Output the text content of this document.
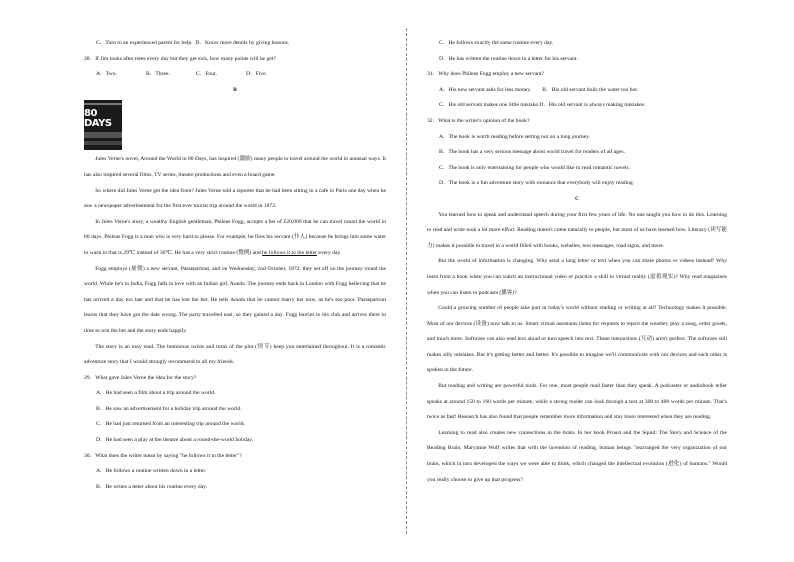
C．Turn to an experienced parent for help. D．Know more details by giving lessons.

28．If Jim looks after trees every day but they get sick, how many points will he get?

A．Two.	B．Three.	C．Four.	D．Five.

B

80 DAYS

Jules Verne's novel, Around the World in 80 Days, has inspired (激励) many people to travel around the world in unusual ways. It has also inspired several films, TV series, theatre productions and even a board game.

So where did Jules Verne get the idea from? Jules Verne told a reporter that he had been sitting in a cafe in Paris one day when he saw a newspaper advertisement for the first ever tourist trip around the world in 1872.

In Jules Verne's story, a wealthy English gentleman, Phileas Fogg, accepts a bet of £20,000 that he can travel round the world in 80 days. Phileas Fogg is a man who is very hard to please. For example, he fires his servant (仆人) because he brings him some water to wash in that is 29℃ instead of 30℃. He has a very strict routine (惯例) and he follows it to the letter every day.

Fogg employs (雇佣) a new servant, Passepartout, and on Wednesday, 2nd October, 1872, they set off on the journey round the world. While he's in India, Fogg falls in love with an Indian girl, Aouda. The journey ends back in London with Fogg believing that he has arrived a day too late and that he has lost the bet. He tells Aouda that he cannot marry her now, as he's too poor. Passepartout learns that they have got the date wrong. The party travelled east, so they gained a day. Fogg hurries to his club and arrives there in time to win the bet and the story ends happily.

The story is an easy read. The humorous twists and turns of the plot (情节) keep you entertained throughout. It is a romantic adventure story that I would strongly recommend to all my friends.

29．What gave Jules Verne the idea for the story?

A．He had seen a film about a trip around the world.

B．He saw an advertisement for a holiday trip around the world.

C．He had just returned from an interesting trip around the world.

D．He had seen a play at the theatre about a round-the-world holiday.

30．What does the writer mean by saying "he follows it to the letter"?

A．He follows a routine written down in a letter.

B．He writes a letter about his routine every day.

C．He follows exactly the same routine every day.

D．He has written the routine down in a letter for his servant.

31．Why does Phileas Fogg employ a new servant?

A．His new servant asks for less money.　　B．His old servant boils the water too hot.

C．His old servant makes one little mistake.D．His old servant is always making mistakes.

32．What is the writer's opinion of the book?

A．The book is worth reading before setting out on a long journey.

B．The book has a very serious message about world travel for readers of all ages.

C．The book is only entertaining for people who would like to read romantic novels.

D．The book is a fun adventure story with romance that everybody will enjoy reading.

C

You learned how to speak and understand speech during your first few years of life. No one taught you how to do this. Learning to read and write took a lot more effort. Reading doesn't come naturally to people, but most of us have learned how. Literacy (读写能力) makes it possible to travel in a world filled with books, websites, text messages, road signs, and more.

But the world of information is changing. Why send a long letter or text when you can share photos or videos instead? Why learn from a book when you can watch an instructional video or practice a skill in virtual reality (虚拟现实)? Why read magazines when you can listen to podcasts (播客)?

Could a growing number of people take part in today's world without reading or writing at all? Technology makes it possible. Most of our devices (设备) now talk to us. Smart virtual assistants listen for requests to report the weather, play a song, order goods, and much more. Software can also read text aloud or turn speech into text. These interactions (互动) aren't perfect. The software still makes silly mistakes. But it's getting better and better. It's possible to imagine we'll communicate with our devices and each other is spoken in the future.

But reading and writing are powerful tools. For one, most people read faster than they speak. A podcaster or audiobook teller speaks at around 150 to 160 words per minute, while a strong reader can look through a text at 300 to 400 words per minute. That's twice as fast! Research has also found that people remember more information and stay more interested when they are reading.

Learning to read also creates new connections in the brain. In her book Proust and the Squid: The Story and Science of the Reading Brain, Maryanne Wolf writes that with the invention of reading, human beings "rearranged the very organization of our brain, which in turn developed the ways we were able to think, which changed the intellectual evolution (进化) of humans." Would you really choose to give up that progress?
